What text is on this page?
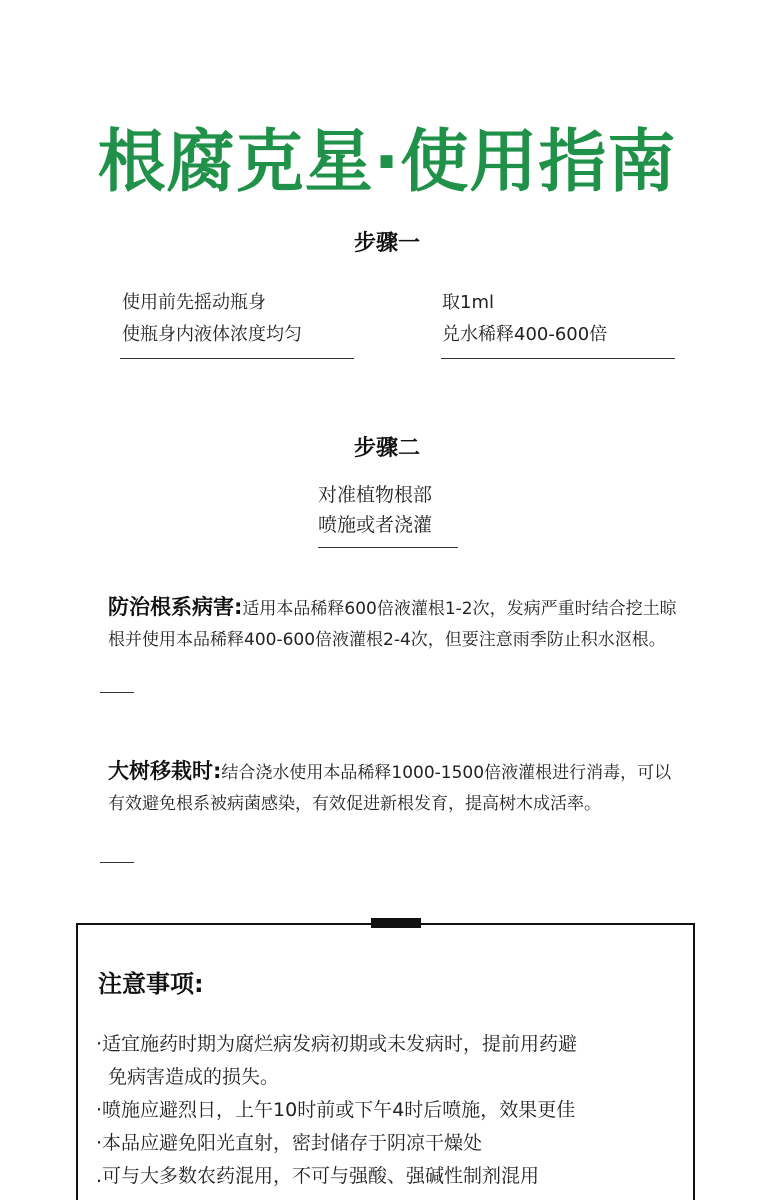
根腐克星·使用指南
步骤一
使用前先摇动瓶身
使瓶身内液体浓度均匀
取1ml
兑水稀释400-600倍
步骤二
对准植物根部
喷施或者浇灌

防治根系病害:适用本品稀释600倍液灌根1-2次，发病严重时结合挖土晾根并使用本品稀释400-600倍液灌根2-4次，但要注意雨季防止积水沤根。

大树移栽时:结合浇水使用本品稀释1000-1500倍液灌根进行消毒，可以有效避免根系被病菌感染，有效促进新根发育，提高树木成活率。

注意事项:
·适宜施药时期为腐烂病发病初期或未发病时，提前用药避
免病害造成的损失。
·喷施应避烈日，上午10时前或下午4时后喷施，效果更佳
·本品应避免阳光直射，密封储存于阴凉干燥处
.可与大多数农药混用，不可与强酸、强碱性制剂混用
